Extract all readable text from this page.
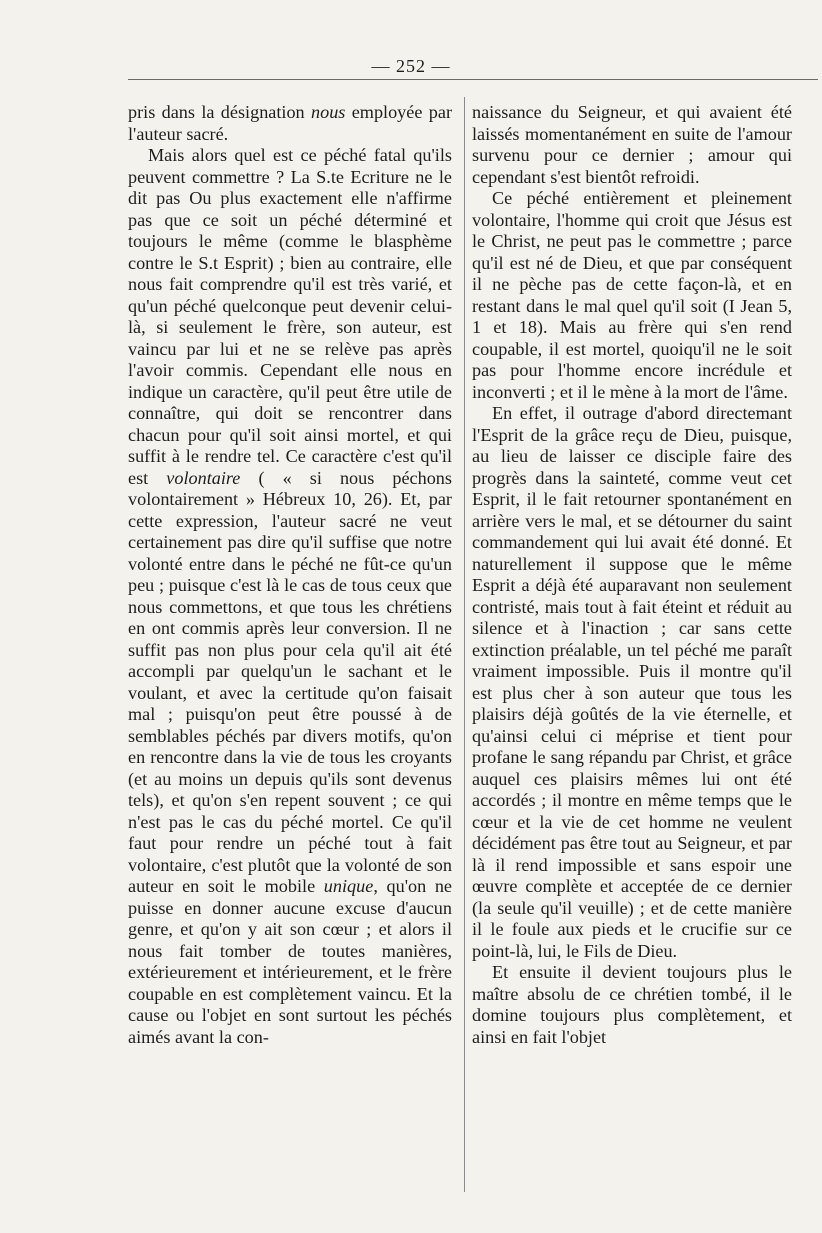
— 252 —

pris dans la désignation nous employée par l'auteur sacré.

Mais alors quel est ce péché fatal qu'ils peuvent commettre ? La S.te Ecriture ne le dit pas Ou plus exactement elle n'affirme pas que ce soit un péché déterminé et toujours le même (comme le blasphème contre le S.t Esprit) ; bien au contraire, elle nous fait comprendre qu'il est très varié, et qu'un péché quelconque peut devenir celui-là, si seulement le frère, son auteur, est vaincu par lui et ne se relève pas après l'avoir commis. Cependant elle nous en indique un caractère, qu'il peut être utile de connaître, qui doit se rencontrer dans chacun pour qu'il soit ainsi mortel, et qui suffit à le rendre tel. Ce caractère c'est qu'il est volontaire ( « si nous péchons volontairement » Hébreux 10, 26). Et, par cette expression, l'auteur sacré ne veut certainement pas dire qu'il suffise que notre volonté entre dans le péché ne fût-ce qu'un peu ; puisque c'est là le cas de tous ceux que nous commettons, et que tous les chrétiens en ont commis après leur conversion. Il ne suffit pas non plus pour cela qu'il ait été accompli par quelqu'un le sachant et le voulant, et avec la certitude qu'on faisait mal ; puisqu'on peut être poussé à de semblables péchés par divers motifs, qu'on en rencontre dans la vie de tous les croyants (et au moins un depuis qu'ils sont devenus tels), et qu'on s'en repent souvent ; ce qui n'est pas le cas du péché mortel. Ce qu'il faut pour rendre un péché tout à fait volontaire, c'est plutôt que la volonté de son auteur en soit le mobile unique, qu'on ne puisse en donner aucune excuse d'aucun genre, et qu'on y ait son cœur ; et alors il nous fait tomber de toutes manières, extérieurement et intérieurement, et le frère coupable en est complètement vaincu. Et la cause ou l'objet en sont surtout les péchés aimés avant la con-

naissance du Seigneur, et qui avaient été laissés momentanément en suite de l'amour survenu pour ce dernier ; amour qui cependant s'est bientôt refroidi.

Ce péché entièrement et pleinement volontaire, l'homme qui croit que Jésus est le Christ, ne peut pas le commettre ; parce qu'il est né de Dieu, et que par conséquent il ne pèche pas de cette façon-là, et en restant dans le mal quel qu'il soit (I Jean 5, 1 et 18). Mais au frère qui s'en rend coupable, il est mortel, quoiqu'il ne le soit pas pour l'homme encore incrédule et inconverti ; et il le mène à la mort de l'âme.

En effet, il outrage d'abord directemant l'Esprit de la grâce reçu de Dieu, puisque, au lieu de laisser ce disciple faire des progrès dans la sainteté, comme veut cet Esprit, il le fait retourner spontanément en arrière vers le mal, et se détourner du saint commandement qui lui avait été donné. Et naturellement il suppose que le même Esprit a déjà été auparavant non seulement contristé, mais tout à fait éteint et réduit au silence et à l'inaction ; car sans cette extinction préalable, un tel péché me paraît vraiment impossible. Puis il montre qu'il est plus cher à son auteur que tous les plaisirs déjà goûtés de la vie éternelle, et qu'ainsi celui ci méprise et tient pour profane le sang répandu par Christ, et grâce auquel ces plaisirs mêmes lui ont été accordés ; il montre en même temps que le cœur et la vie de cet homme ne veulent décidément pas être tout au Seigneur, et par là il rend impossible et sans espoir une œuvre complète et acceptée de ce dernier (la seule qu'il veuille) ; et de cette manière il le foule aux pieds et le crucifie sur ce point-là, lui, le Fils de Dieu.

Et ensuite il devient toujours plus le maître absolu de ce chrétien tombé, il le domine toujours plus complètement, et ainsi en fait l'objet
